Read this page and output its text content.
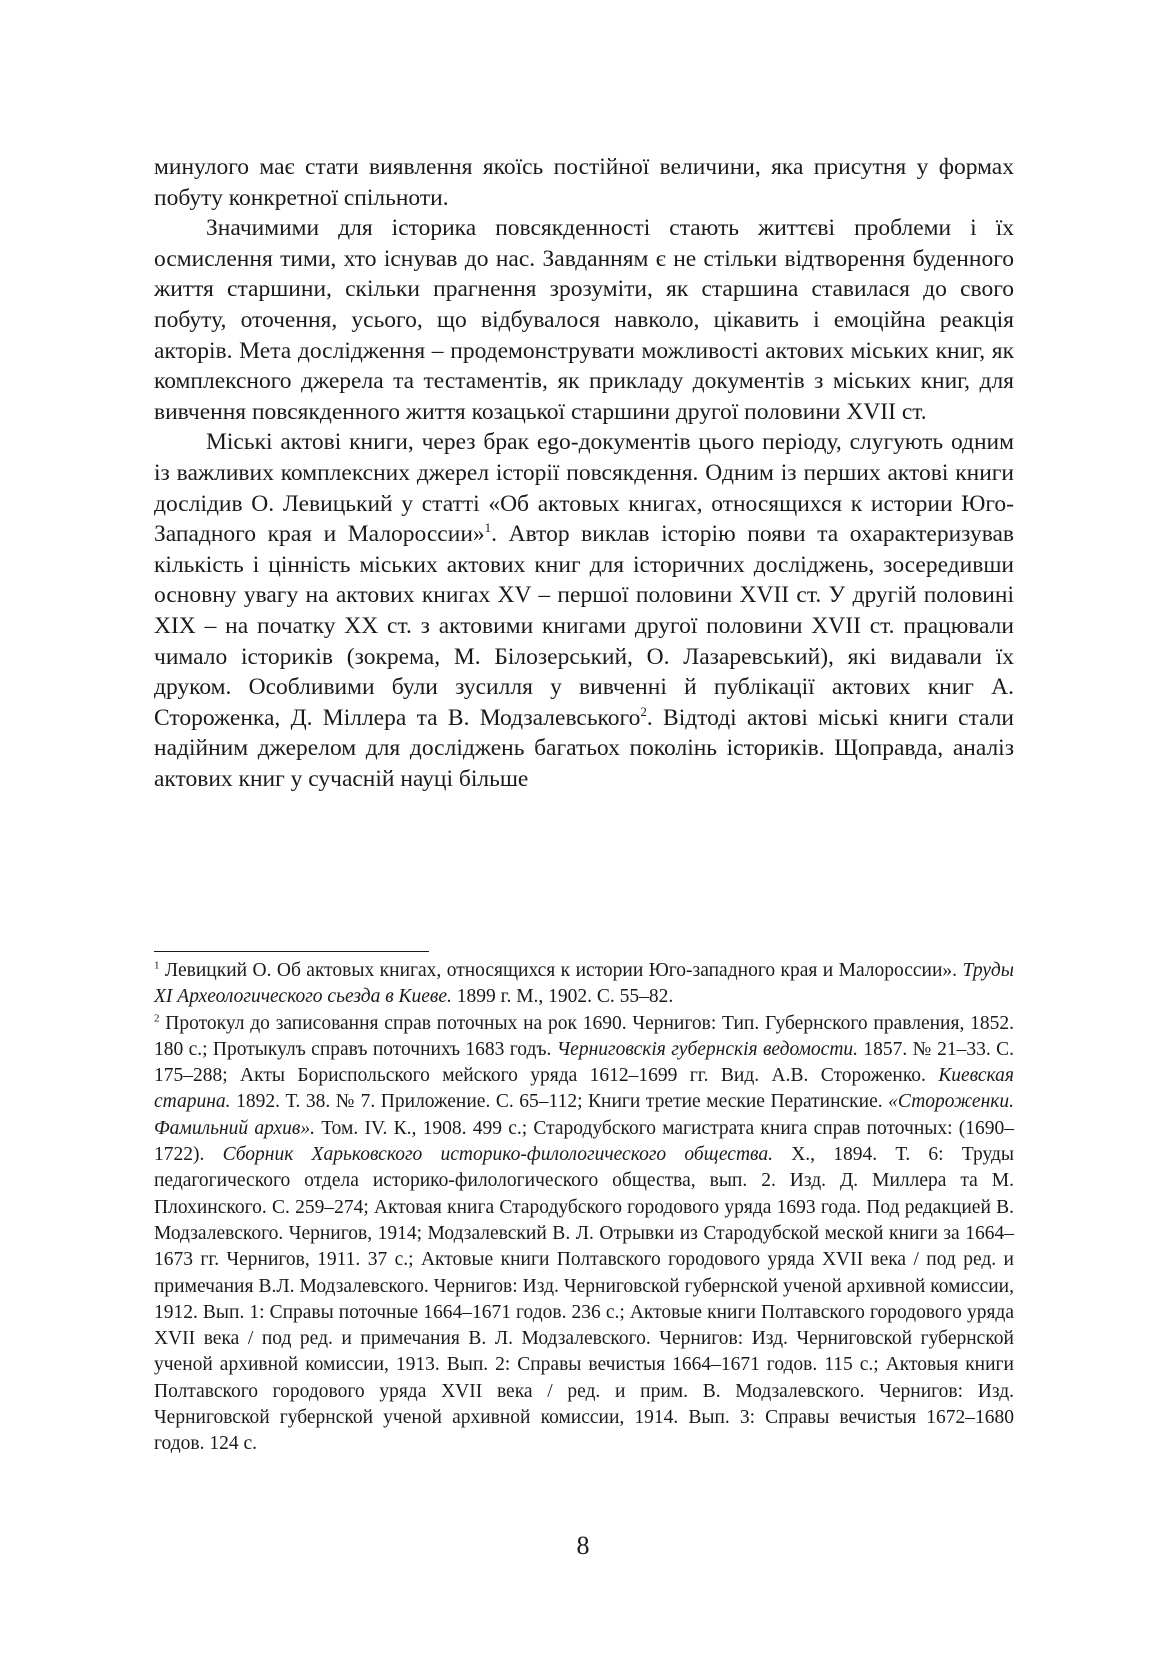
минулого має стати виявлення якоїсь постійної величини, яка присутня у формах побуту конкретної спільноти.

Значимими для історика повсякденності стають життєві проблеми і їх осмислення тими, хто існував до нас. Завданням є не стільки відтворення буденного життя старшини, скільки прагнення зрозуміти, як старшина ставилася до свого побуту, оточення, усього, що відбувалося навколо, цікавить і емоційна реакція акторів. Мета дослідження – продемонструвати можливості актових міських книг, як комплексного джерела та тестаментів, як прикладу документів з міських книг, для вивчення повсякденного життя козацької старшини другої половини XVII ст.

Міські актові книги, через брак ego-документів цього періоду, слугують одним із важливих комплексних джерел історії повсякдення. Одним із перших актові книги дослідив О. Левицький у статті «Об актовых книгах, относящихся к истории Юго-Западного края и Малороссии»$^1$. Автор виклав історію появи та охарактеризував кількість і цінність міських актових книг для історичних досліджень, зосередивши основну увагу на актових книгах XV – першої половини XVII ст. У другій половині XIX – на початку XX ст. з актовими книгами другої половини XVII ст. працювали чимало істориків (зокрема, М. Білозерський, О. Лазаревський), які видавали їх друком. Особливими були зусилля у вивченні й публікації актових книг А. Стороженка, Д. Міллера та В. Модзалевського$^2$. Відтоді актові міські книги стали надійним джерелом для досліджень багатьох поколінь істориків. Щоправда, аналіз актових книг у сучасній науці більше

$^1$ Левицкий О. Об актовых книгах, относящихся к истории Юго-западного края и Малороссии». Труды XI Археологического сьезда в Киеве. 1899 г. М., 1902. С. 55–82.

$^2$ Протокул до записовання справ поточных на рок 1690. Чернигов: Тип. Губернского правления, 1852. 180 с.; Протыкулъ справъ поточнихъ 1683 годъ. Черниговскія губернскія ведомости. 1857. № 21–33. С. 175–288; Акты Бориспольского мейского уряда 1612–1699 гг. Вид. А.В. Стороженко. Киевская старина. 1892. Т. 38. № 7. Приложение. С. 65–112; Книги третие меские Ператинские. «Стороженки. Фамильний архив». Том. IV. К., 1908. 499 с.; Стародубского магистрата книга справ поточных: (1690–1722). Сборник Харьковского историко-филологического общества. Х., 1894. Т. 6: Труды педагогического отдела историко-филологического общества, вып. 2. Изд. Д. Миллера та М. Плохинского. С. 259–274; Актовая книга Стародубского городового уряда 1693 года. Под редакцией В. Модзалевского. Чернигов, 1914; Модзалевский В. Л. Отрывки из Стародубской меской книги за 1664–1673 гг. Чернигов, 1911. 37 с.; Актовые книги Полтавского городового уряда XVII века / под ред. и примечания В.Л. Модзалевского. Чернигов: Изд. Черниговской губернской ученой архивной комиссии, 1912. Вып. 1: Справы поточные 1664–1671 годов. 236 с.; Актовые книги Полтавского городового уряда XVII века / под ред. и примечания В. Л. Модзалевского. Чернигов: Изд. Черниговской губернской ученой архивной комиссии, 1913. Вып. 2: Справы вечистыя 1664–1671 годов. 115 с.; Актовыя книги Полтавского городового уряда XVII века / ред. и прим. В. Модзалевского. Чернигов: Изд. Черниговской губернской ученой архивной комиссии, 1914. Вып. 3: Справы вечистыя 1672–1680 годов. 124 с.

8
